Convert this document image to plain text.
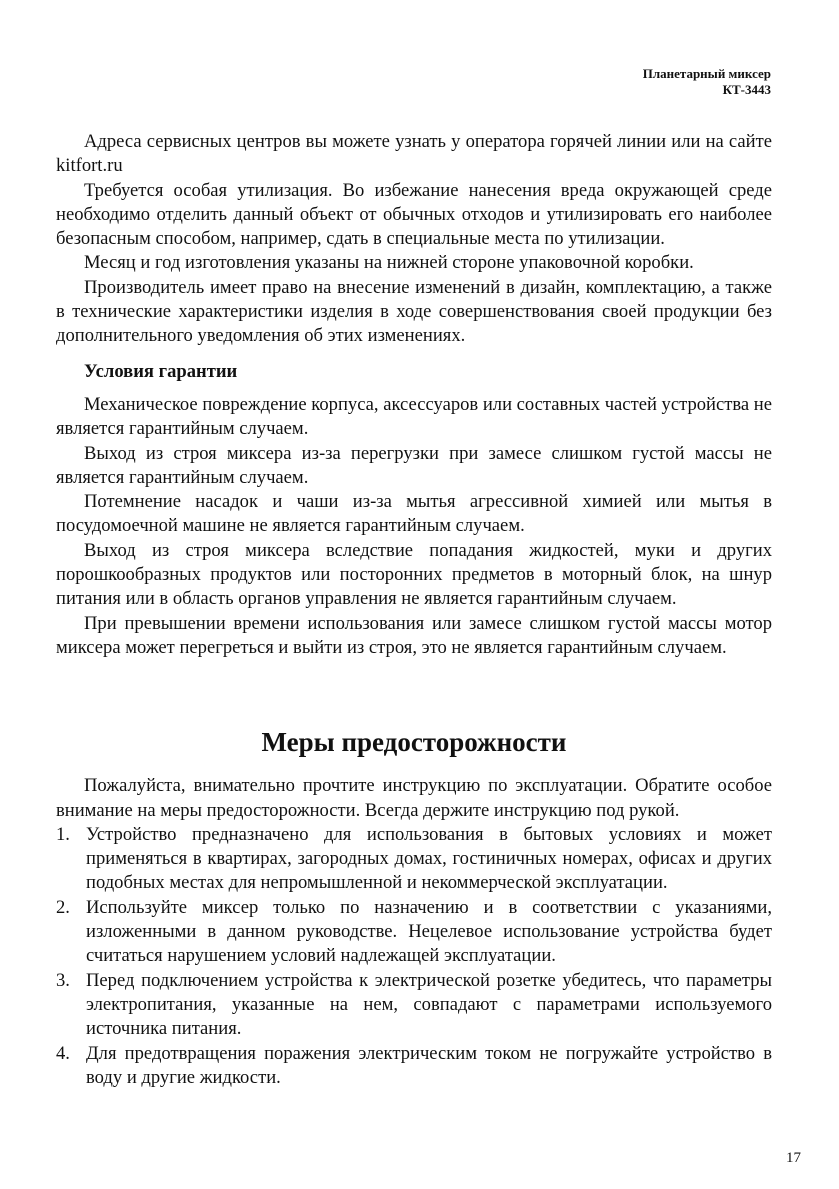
Планетарный миксер
КТ-3443

Адреса сервисных центров вы можете узнать у оператора горячей линии или на сайте kitfort.ru

Требуется особая утилизация. Во избежание нанесения вреда окружающей среде необходимо отделить данный объект от обычных отходов и утилизировать его наиболее безопасным способом, например, сдать в специальные места по утилизации.

Месяц и год изготовления указаны на нижней стороне упаковочной коробки.

Производитель имеет право на внесение изменений в дизайн, комплектацию, а также в технические характеристики изделия в ходе совершенствования своей продукции без дополнительного уведомления об этих изменениях.

Условия гарантии

Механическое повреждение корпуса, аксессуаров или составных частей устройства не является гарантийным случаем.

Выход из строя миксера из-за перегрузки при замесе слишком густой массы не является гарантийным случаем.

Потемнение насадок и чаши из-за мытья агрессивной химией или мытья в посудомоечной машине не является гарантийным случаем.

Выход из строя миксера вследствие попадания жидкостей, муки и других порошкообразных продуктов или посторонних предметов в моторный блок, на шнур питания или в область органов управления не является гарантийным случаем.

При превышении времени использования или замесе слишком густой массы мотор миксера может перегреться и выйти из строя, это не является гарантийным случаем.

Меры предосторожности

Пожалуйста, внимательно прочтите инструкцию по эксплуатации. Обратите особое внимание на меры предосторожности. Всегда держите инструкцию под рукой.

1. Устройство предназначено для использования в бытовых условиях и может применяться в квартирах, загородных домах, гостиничных номерах, офисах и других подобных местах для непромышленной и некоммерческой эксплуатации.
2. Используйте миксер только по назначению и в соответствии с указаниями, изложенными в данном руководстве. Нецелевое использование устройства будет считаться нарушением условий надлежащей эксплуатации.
3. Перед подключением устройства к электрической розетке убедитесь, что параметры электропитания, указанные на нем, совпадают с параметрами используемого источника питания.
4. Для предотвращения поражения электрическим током не погружайте устройство в воду и другие жидкости.
17
